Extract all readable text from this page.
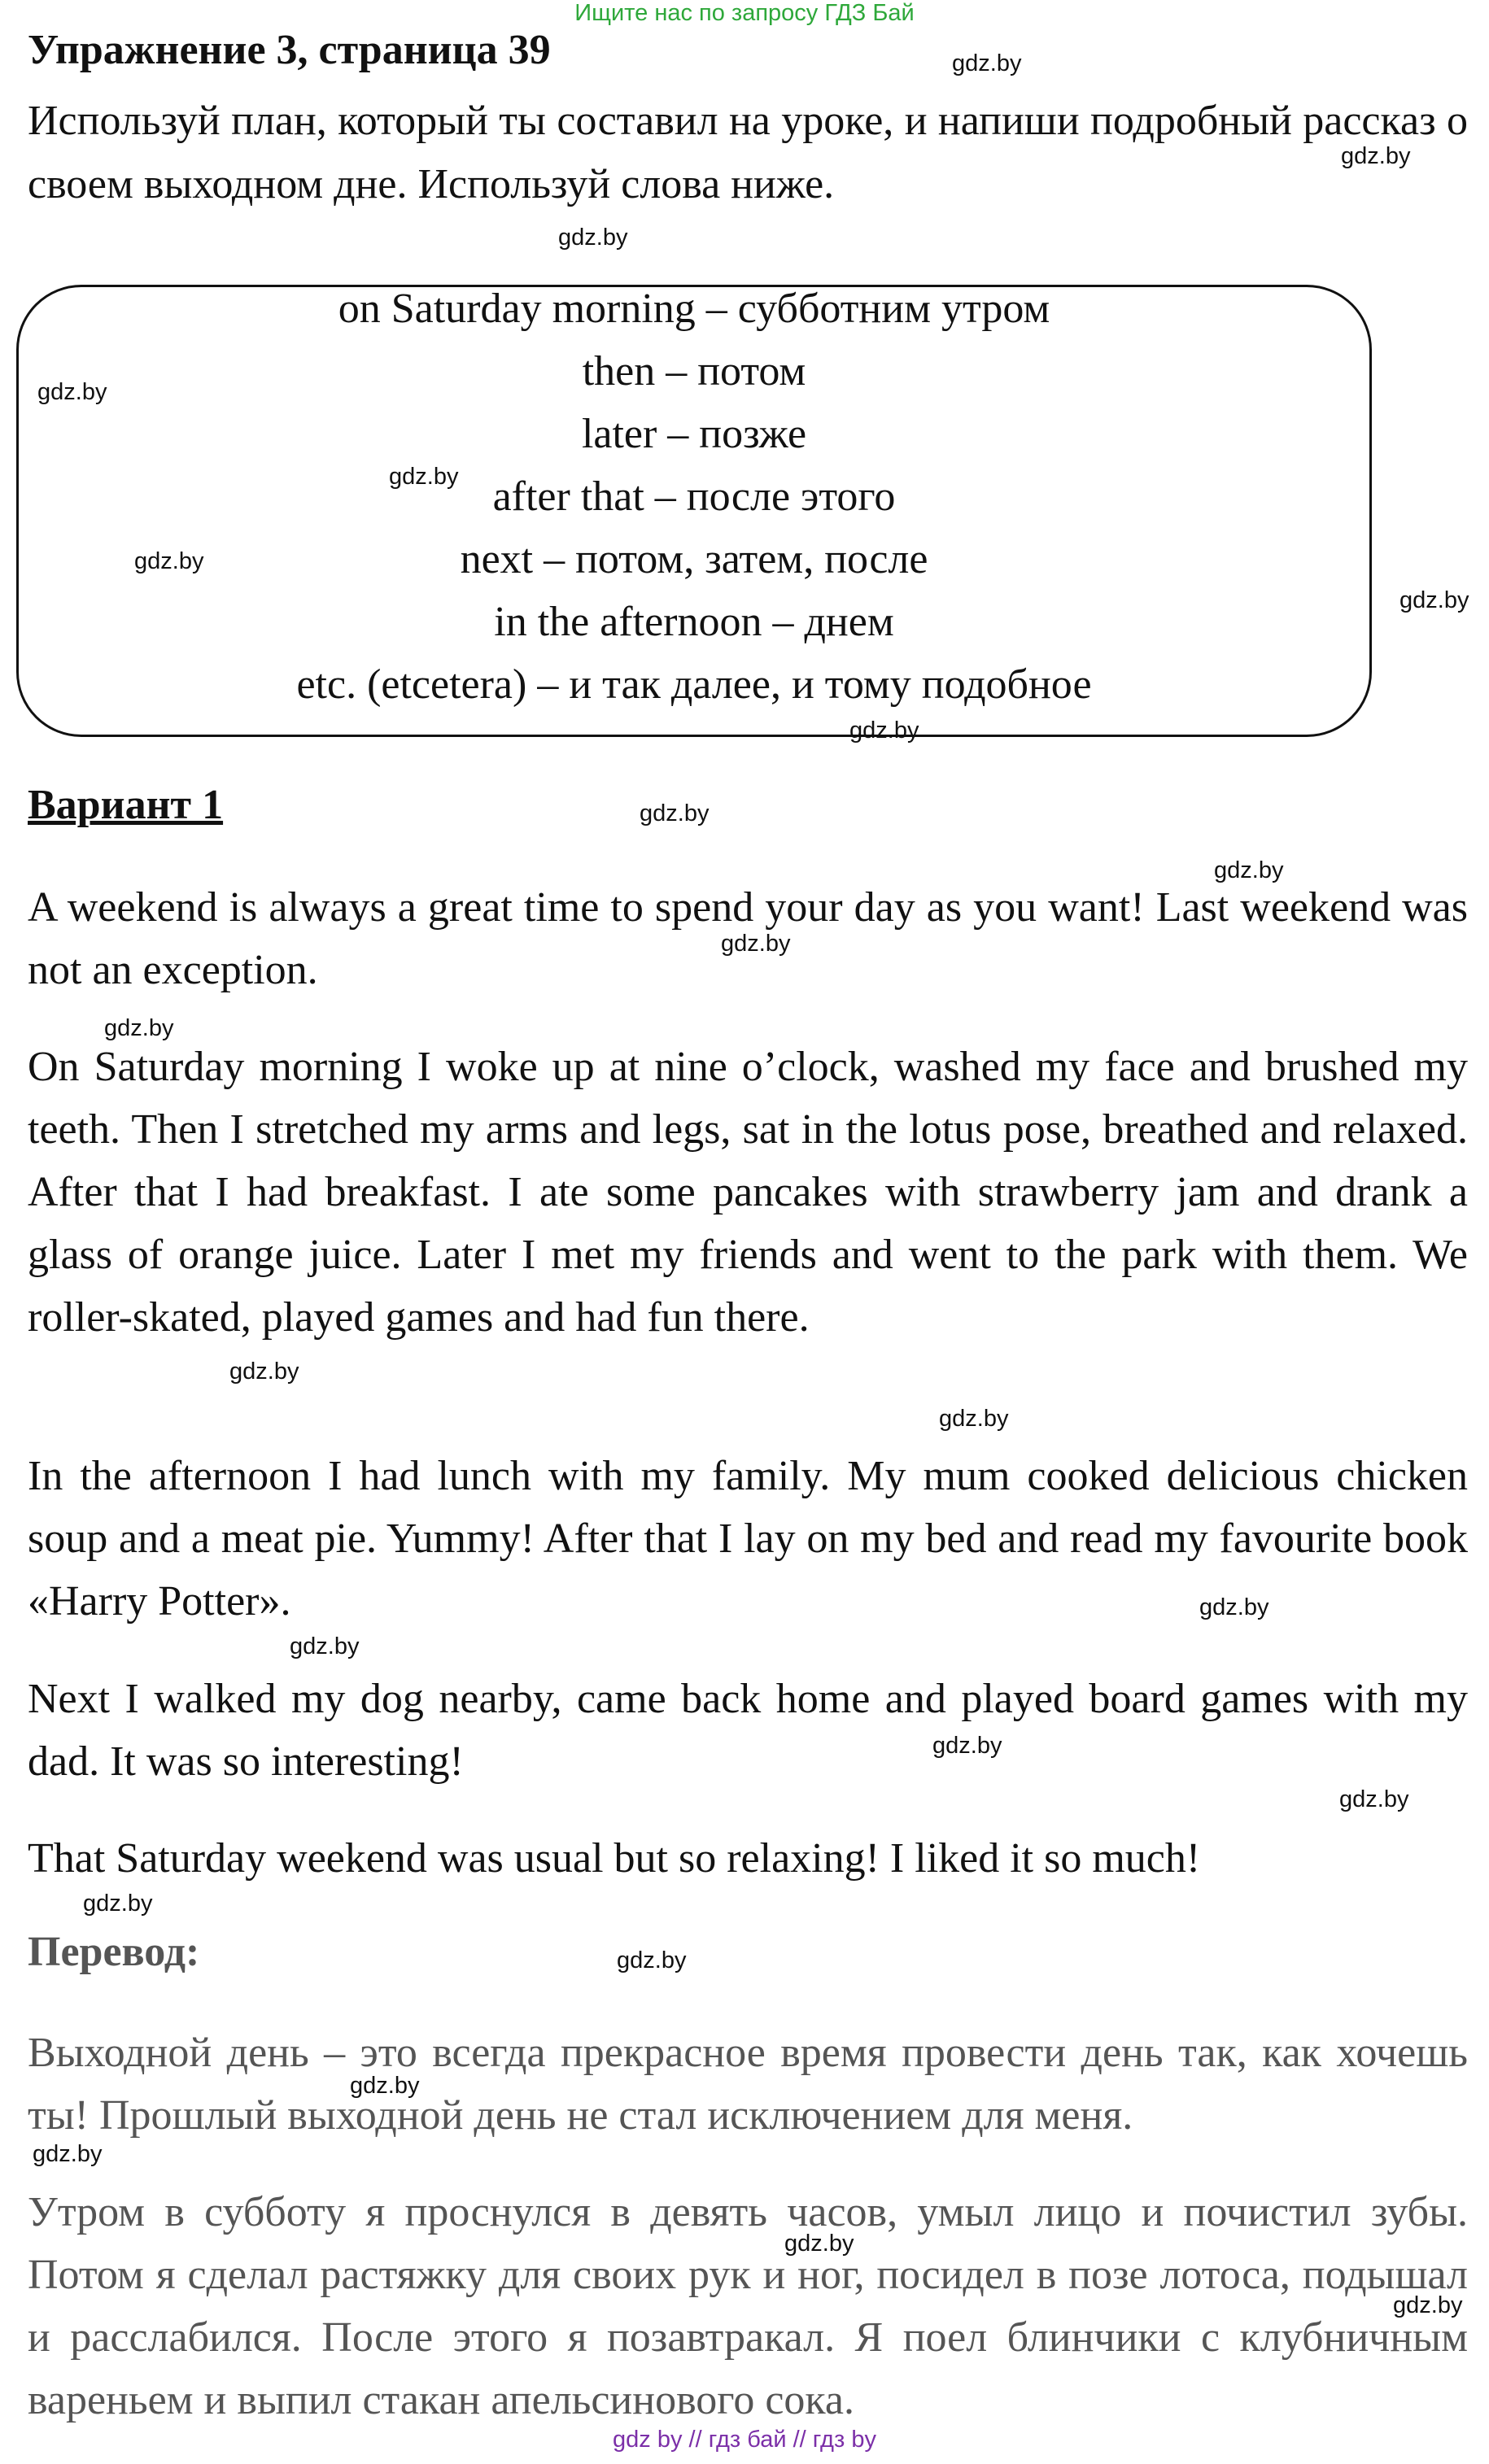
Ищите нас по запросу ГДЗ Бай
Упражнение 3, страница 39
Используй план, который ты составил на уроке, и напиши подробный рассказ о своем выходном дне. Используй слова ниже.
on Saturday morning – субботним утром
then – потом
later – позже
after that – после этого
next – потом, затем, после
in the afternoon – днем
etc. (etcetera) – и так далее, и тому подобное
Вариант 1
A weekend is always a great time to spend your day as you want! Last weekend was not an exception.
On Saturday morning I woke up at nine o’clock, washed my face and brushed my teeth. Then I stretched my arms and legs, sat in the lotus pose, breathed and relaxed. After that I had breakfast. I ate some pancakes with strawberry jam and drank a glass of orange juice. Later I met my friends and went to the park with them. We roller-skated, played games and had fun there.
In the afternoon I had lunch with my family. My mum cooked delicious chicken soup and a meat pie. Yummy! After that I lay on my bed and read my favourite book «Harry Potter».
Next I walked my dog nearby, came back home and played board games with my dad. It was so interesting!
That Saturday weekend was usual but so relaxing! I liked it so much!
Перевод:
Выходной день – это всегда прекрасное время провести день так, как хочешь ты! Прошлый выходной день не стал исключением для меня.
Утром в субботу я проснулся в девять часов, умыл лицо и почистил зубы. Потом я сделал растяжку для своих рук и ног, посидел в позе лотоса, подышал и расслабился. После этого я позавтракал. Я поел блинчики с клубничным вареньем и выпил стакан апельсинового сока.
gdz.by
gdz.by
gdz.by
gdz.by
gdz.by
gdz.by
gdz.by
gdz.by
gdz.by
gdz.by
gdz.by
gdz.by
gdz.by
gdz.by
gdz.by
gdz.by
gdz.by
gdz.by
gdz.by
gdz.by
gdz.by
gdz.by
gdz.by
gdz.by
gdz by // гдз бай // гдз by
